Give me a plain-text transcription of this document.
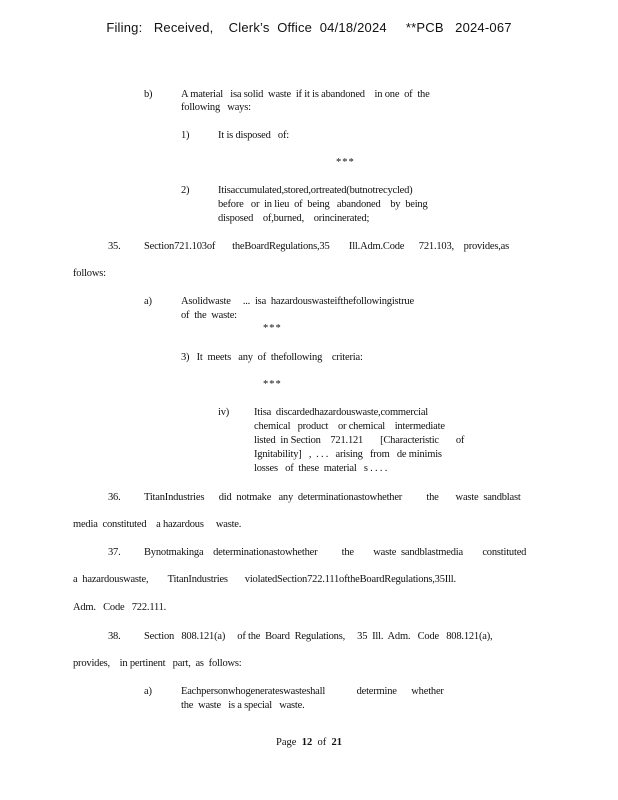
Filing:   Received,    Clerk’s  Office  04/18/2024     **PCB   2024-067
b)	A material   isa solid  waste  if it is abandoned    in one  of  the
following   ways:
1)	It is disposed   of:
***
2)	Itisaccumulated,stored,ortreated(butnotrecycled)
before   or  in lieu  of  being   abandoned    by  being
disposed    of,burned,    orincinerated;
35. Section721.103of       theBoardRegulations,35        Ill.Adm.Code      721.103,    provides,as
follows:
a)	Asolidwaste     ...  isa  hazardouswasteifthefollowingistrue
of  the  waste:
***
3)   It  meets   any  of  thefollowing    criteria:
***
iv) Itisa  discardedhazardouswaste,commercial
chemical   product    or chemical    intermediate
listed  in Section    721.121       [Characteristic       of
Ignitability]   ,  . . .   arising   from   de minimis
losses   of  these  material   s . . . .
36. TitanIndustries      did  notmake   any  determinationastowhether          the       waste  sandblast
media  constituted    a hazardous     waste.
37. Bynotmakinga    determinationastowhether          the        waste  sandblastmedia        constituted
a  hazardouswaste,        TitanIndustries       violatedSection722.111oftheBoardRegulations,35Ill.
Adm.   Code   722.111.
38. Section   808.121(a)     of the  Board  Regulations,     35  Ill.  Adm.   Code   808.121(a),
provides,    in pertinent   part,  as  follows:
a)	Eachpersonwhogenerateswasteshall             determine      whether
the  waste   is a special   waste.
Page  12  of  21
